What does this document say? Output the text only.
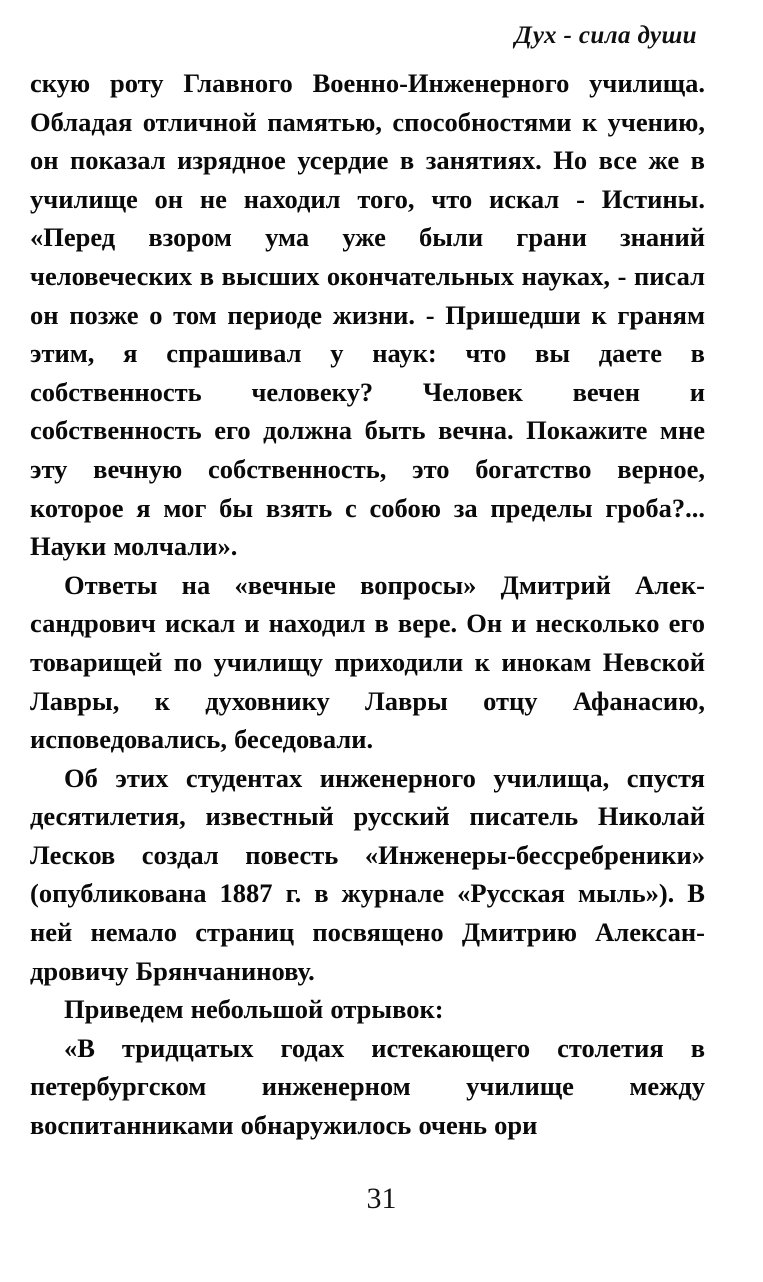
Дух - сила души

скую роту Главного Военно-Инженерного училища. Обладая отличной памятью, способностями к учению, он показал изрядное усердие в занятиях. Но все же в училище он не находил того, что искал - Истины. «Перед взором ума уже были грани знаний человеческих в высших окончательных науках, - писал он позже о том периоде жизни. - Пришедши к граням этим, я спрашивал у наук: что вы даете в собственность человеку? Человек вечен и собственность его должна быть вечна. Покажите мне эту вечную собственность, это богатство верное, которое я мог бы взять с собою за пределы гроба?... Науки молчали».

Ответы на «вечные вопросы» Дмитрий Александрович искал и находил в вере. Он и несколько его товарищей по училищу приходили к инокам Невской Лавры, к духовнику Лавры отцу Афанасию, исповедовались, беседовали.

Об этих студентах инженерного училища, спустя десятилетия, известный русский писатель Николай Лесков создал повесть «Инженеры-бессребреники» (опубликована 1887 г. в журнале «Русская мыль»). В ней немало страниц посвящено Дмитрию Александровичу Брянчанинову.

Приведем небольшой отрывок:

«В тридцатых годах истекающего столетия в петербургском инженерном училище между воспитанниками обнаружилось очень ори

31
